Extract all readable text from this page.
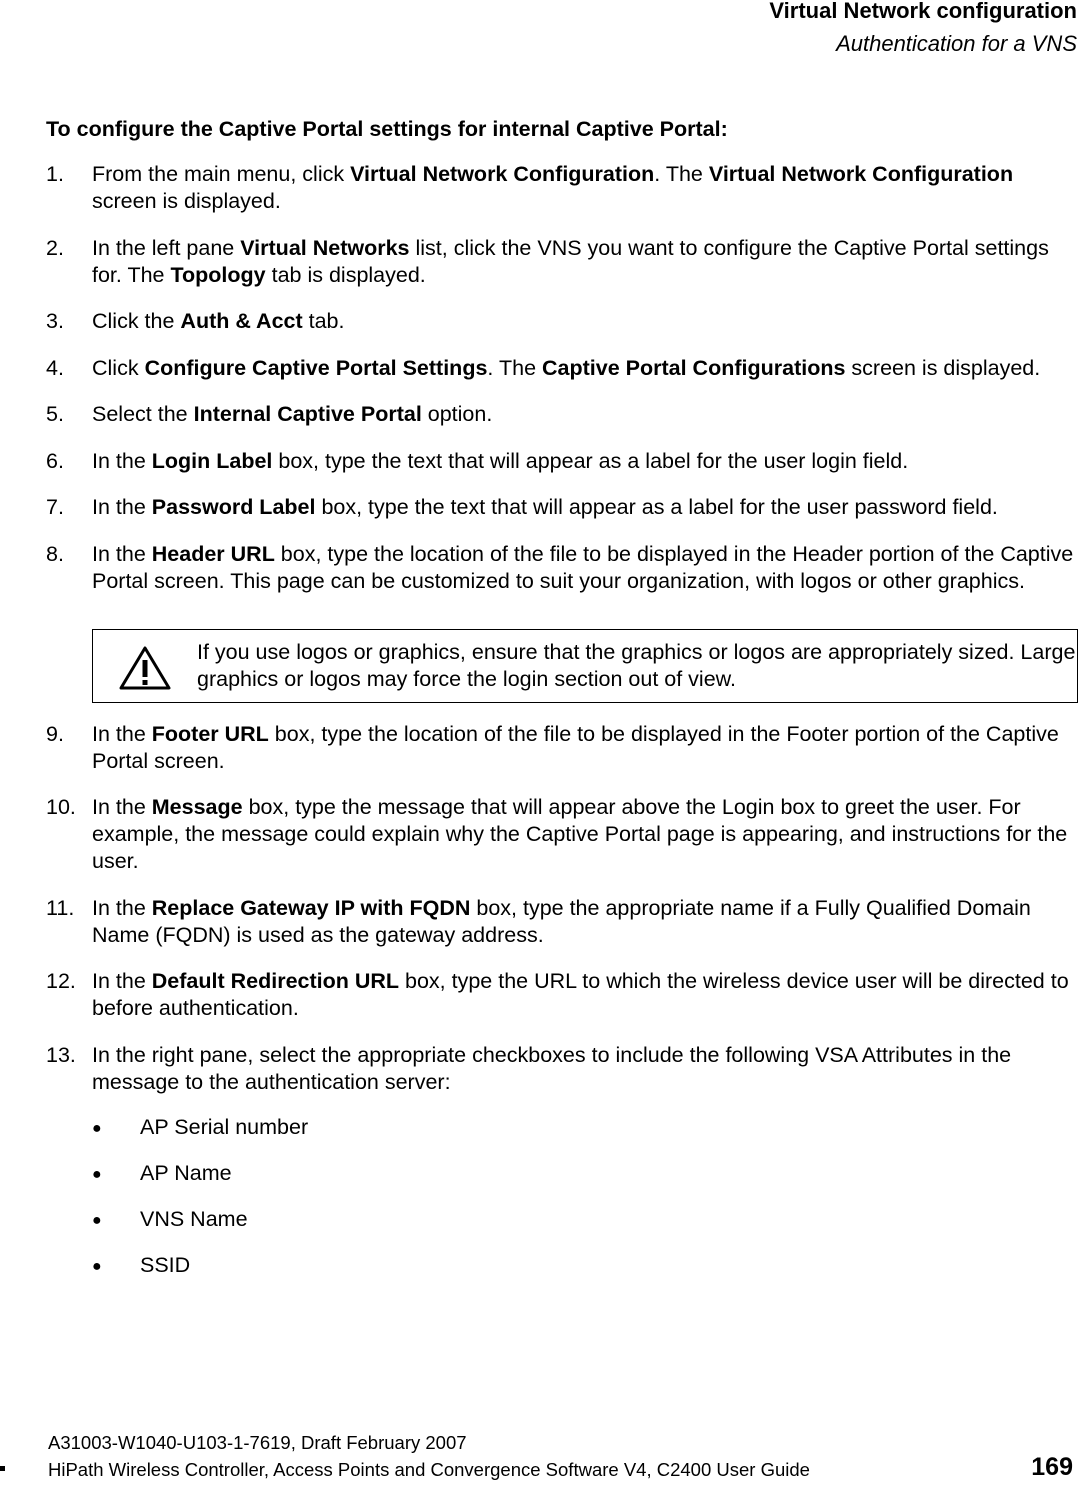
Virtual Network configuration
Authentication for a VNS
To configure the Captive Portal settings for internal Captive Portal:
1.	From the main menu, click Virtual Network Configuration. The Virtual Network Configuration screen is displayed.
2.	In the left pane Virtual Networks list, click the VNS you want to configure the Captive Portal settings for. The Topology tab is displayed.
3.	Click the Auth & Acct tab.
4.	Click Configure Captive Portal Settings. The Captive Portal Configurations screen is displayed.
5.	Select the Internal Captive Portal option.
6.	In the Login Label box, type the text that will appear as a label for the user login field.
7.	In the Password Label box, type the text that will appear as a label for the user password field.
8.	In the Header URL box, type the location of the file to be displayed in the Header portion of the Captive Portal screen. This page can be customized to suit your organization, with logos or other graphics.
If you use logos or graphics, ensure that the graphics or logos are appropriately sized. Large graphics or logos may force the login section out of view.
9.	In the Footer URL box, type the location of the file to be displayed in the Footer portion of the Captive Portal screen.
10. In the Message box, type the message that will appear above the Login box to greet the user. For example, the message could explain why the Captive Portal page is appearing, and instructions for the user.
11. In the Replace Gateway IP with FQDN box, type the appropriate name if a Fully Qualified Domain Name (FQDN) is used as the gateway address.
12. In the Default Redirection URL box, type the URL to which the wireless device user will be directed to before authentication.
13. In the right pane, select the appropriate checkboxes to include the following VSA Attributes in the message to the authentication server:
●	AP Serial number
●	AP Name
●	VNS Name
●	SSID
A31003-W1040-U103-1-7619, Draft February 2007
HiPath Wireless Controller, Access Points and Convergence Software V4, C2400 User Guide	169
